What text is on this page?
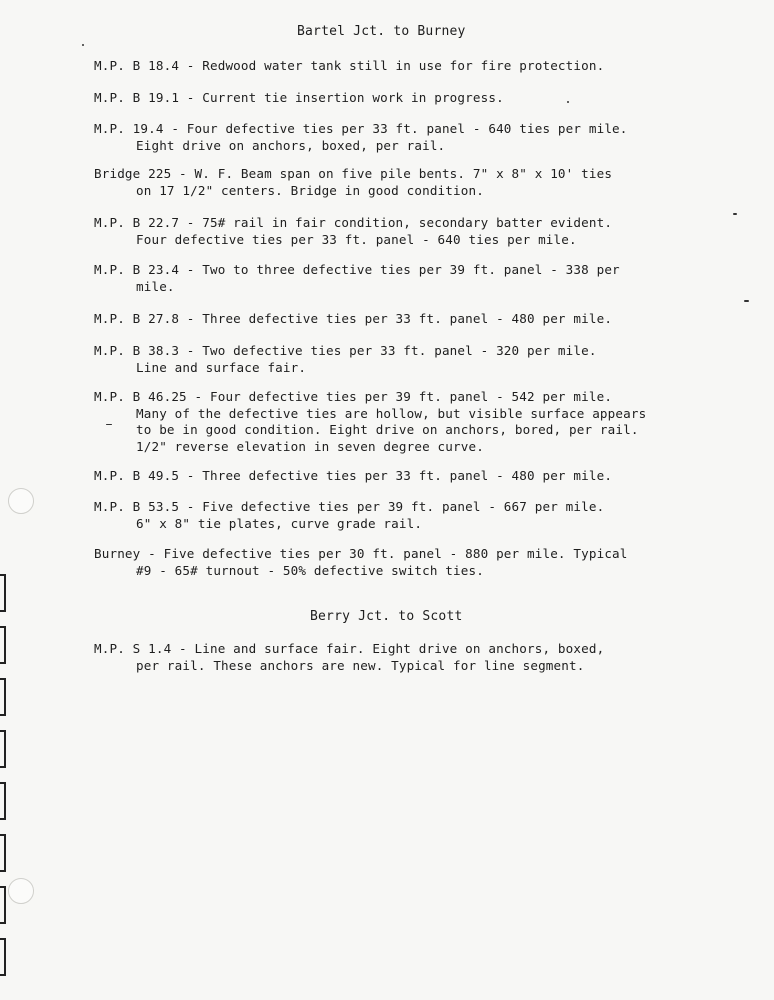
Bartel Jct. to Burney
M.P. B 18.4 - Redwood water tank still in use for fire protection.
M.P. B 19.1 - Current tie insertion work in progress.
M.P. 19.4 - Four defective ties per 33 ft. panel - 640 ties per mile.
Eight drive on anchors, boxed, per rail.
Bridge 225 - W. F. Beam span on five pile bents. 7" x 8" x 10' ties
on 17 1/2" centers. Bridge in good condition.
M.P. B 22.7 - 75# rail in fair condition, secondary batter evident.
Four defective ties per 33 ft. panel - 640 ties per mile.
M.P. B 23.4 - Two to three defective ties per 39 ft. panel - 338 per
mile.
M.P. B 27.8 - Three defective ties per 33 ft. panel - 480 per mile.
M.P. B 38.3 - Two defective ties per 33 ft. panel - 320 per mile.
Line and surface fair.
M.P. B 46.25 - Four defective ties per 39 ft. panel - 542 per mile.
Many of the defective ties are hollow, but visible surface appears
to be in good condition. Eight drive on anchors, bored, per rail.
1/2" reverse elevation in seven degree curve.
M.P. B 49.5 - Three defective ties per 33 ft. panel - 480 per mile.
M.P. B 53.5 - Five defective ties per 39 ft. panel - 667 per mile.
6" x 8" tie plates, curve grade rail.
Burney - Five defective ties per 30 ft. panel - 880 per mile. Typical
#9 - 65# turnout - 50% defective switch ties.
Berry Jct. to Scott
M.P. S 1.4 - Line and surface fair. Eight drive on anchors, boxed,
per rail. These anchors are new. Typical for line segment.
